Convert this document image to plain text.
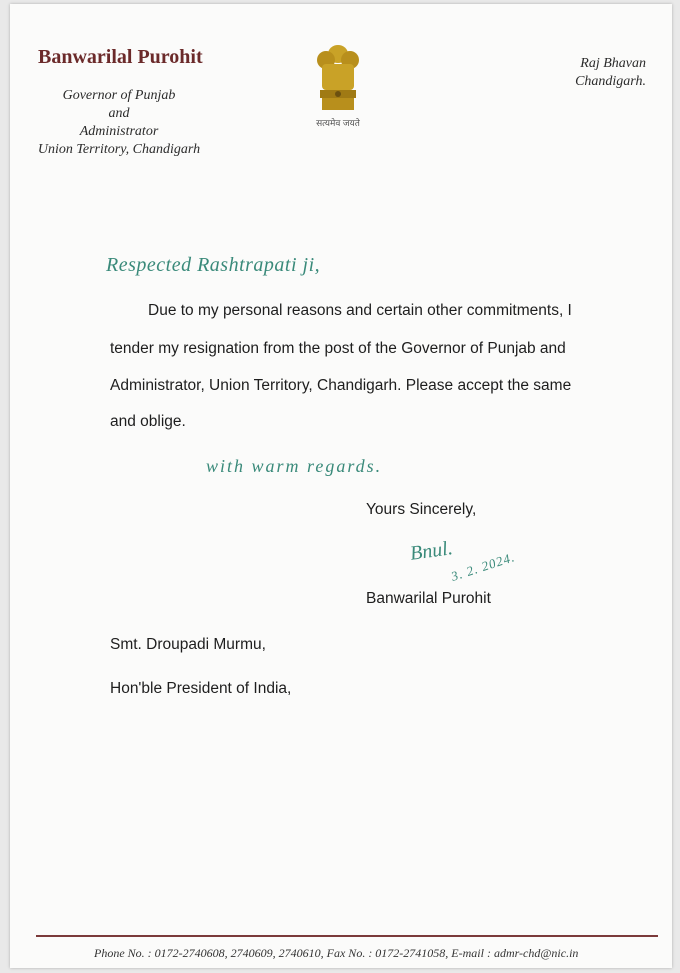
Banwarilal Purohit
Governor of Punjab
and
Administrator
Union Territory, Chandigarh
सत्यमेव जयते
Raj Bhavan
Chandigarh.
Respected Rashtrapati ji,
Due to my personal reasons and certain other commitments, I
tender my resignation from the post of the Governor of Punjab and
Administrator, Union Territory, Chandigarh. Please accept the same
and oblige.
with warm regards.
Yours Sincerely,
Bnul.
3. 2. 2024.
Banwarilal Purohit
Smt. Droupadi Murmu,
Hon'ble President of India,
Phone No. : 0172-2740608, 2740609, 2740610, Fax No. : 0172-2741058, E-mail : admr-chd@nic.in
